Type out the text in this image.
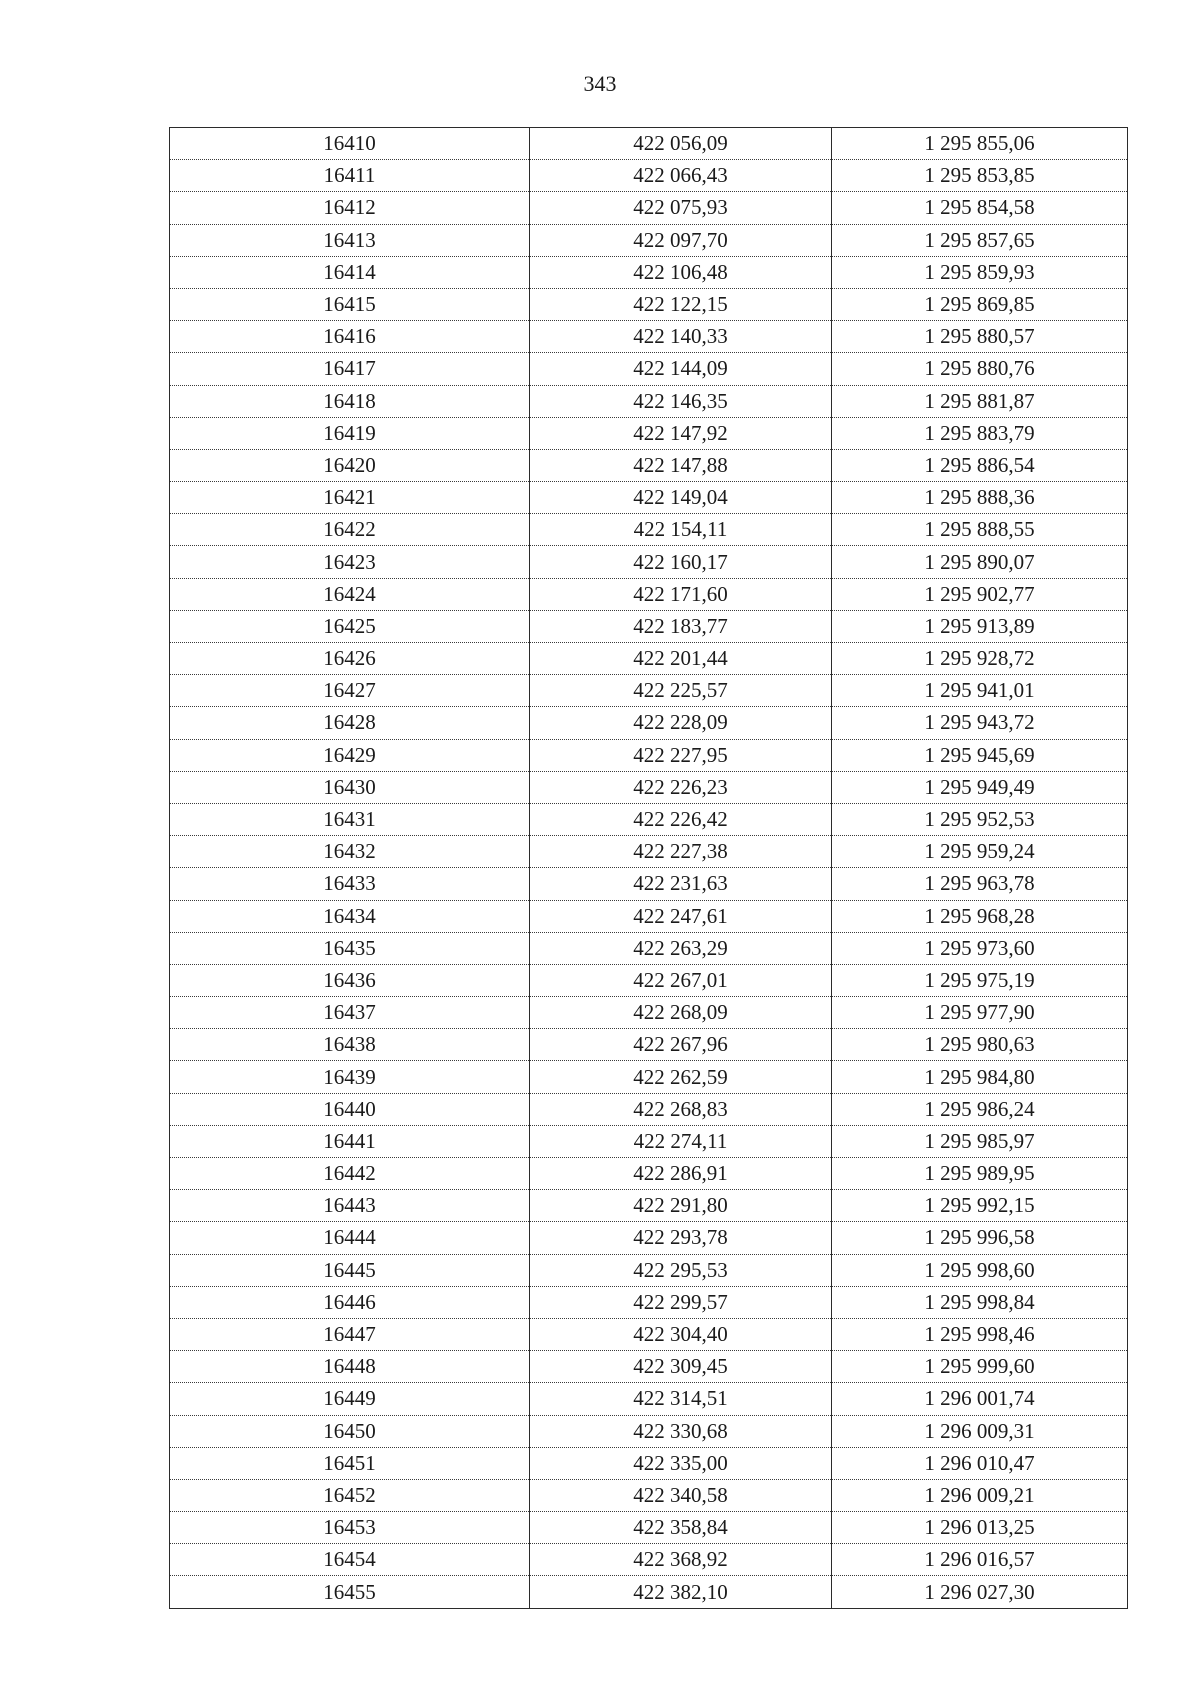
343
16410	422 056,09	1 295 855,06
16411	422 066,43	1 295 853,85
16412	422 075,93	1 295 854,58
16413	422 097,70	1 295 857,65
16414	422 106,48	1 295 859,93
16415	422 122,15	1 295 869,85
16416	422 140,33	1 295 880,57
16417	422 144,09	1 295 880,76
16418	422 146,35	1 295 881,87
16419	422 147,92	1 295 883,79
16420	422 147,88	1 295 886,54
16421	422 149,04	1 295 888,36
16422	422 154,11	1 295 888,55
16423	422 160,17	1 295 890,07
16424	422 171,60	1 295 902,77
16425	422 183,77	1 295 913,89
16426	422 201,44	1 295 928,72
16427	422 225,57	1 295 941,01
16428	422 228,09	1 295 943,72
16429	422 227,95	1 295 945,69
16430	422 226,23	1 295 949,49
16431	422 226,42	1 295 952,53
16432	422 227,38	1 295 959,24
16433	422 231,63	1 295 963,78
16434	422 247,61	1 295 968,28
16435	422 263,29	1 295 973,60
16436	422 267,01	1 295 975,19
16437	422 268,09	1 295 977,90
16438	422 267,96	1 295 980,63
16439	422 262,59	1 295 984,80
16440	422 268,83	1 295 986,24
16441	422 274,11	1 295 985,97
16442	422 286,91	1 295 989,95
16443	422 291,80	1 295 992,15
16444	422 293,78	1 295 996,58
16445	422 295,53	1 295 998,60
16446	422 299,57	1 295 998,84
16447	422 304,40	1 295 998,46
16448	422 309,45	1 295 999,60
16449	422 314,51	1 296 001,74
16450	422 330,68	1 296 009,31
16451	422 335,00	1 296 010,47
16452	422 340,58	1 296 009,21
16453	422 358,84	1 296 013,25
16454	422 368,92	1 296 016,57
16455	422 382,10	1 296 027,30
